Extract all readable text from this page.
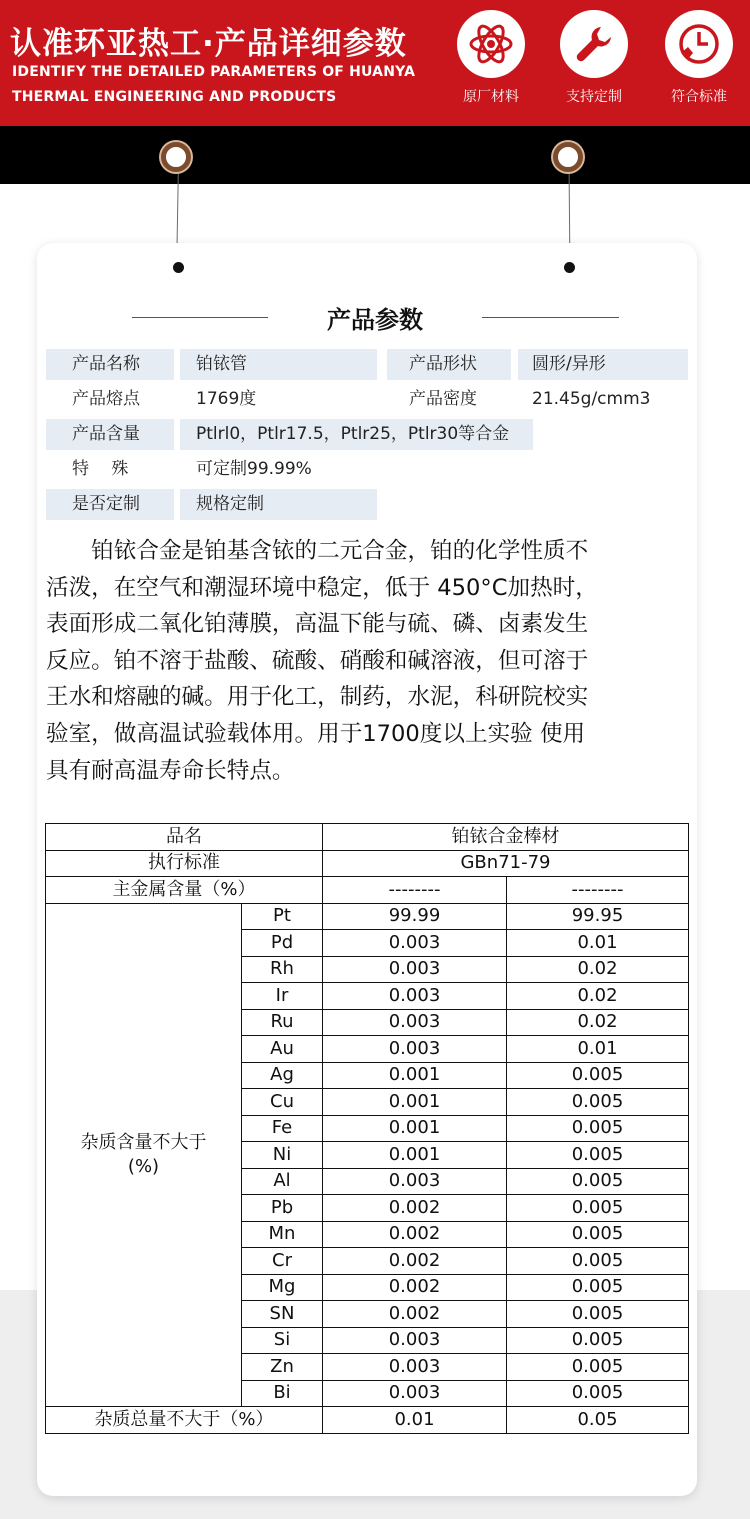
认准环亚热工·产品详细参数
IDENTIFY THE DETAILED PARAMETERS OF HUANYA
THERMAL ENGINEERING AND PRODUCTS	原厂材料	支持定制	符合标准
产品参数
产品名称	铂铱管	产品形状	圆形/异形
产品熔点	1769度	产品密度	21.45g/cmm3
产品含量	Ptlrl0，Ptlr17.5，Ptlr25，Ptlr30等合金
特　 殊	可定制99.99%
是否定制	规格定制
　　铂铱合金是铂基含铱的二元合金，铂的化学性质不
活泼，在空气和潮湿环境中稳定，低于 450°C加热时，
表面形成二氧化铂薄膜，高温下能与硫、磷、卤素发生
反应。铂不溶于盐酸、硫酸、硝酸和碱溶液，但可溶于
王水和熔融的碱。用于化工，制药，水泥，科研院校实
验室，做高温试验载体用。用于1700度以上实验 使用
具有耐高温寿命长特点。
品名		铂铱合金棒材	
执行标准		GBn71-79	
主金属含量（%）		--------	--------

杂质含量不大于
(%)	Pt	99.99	99.95
	Pd	0.003	0.01
	Rh	0.003	0.02
	Ir	0.003	0.02
	Ru	0.003	0.02
	Au	0.003	0.01
	Ag	0.001	0.005
	Cu	0.001	0.005
	Fe	0.001	0.005
	Ni	0.001	0.005
	Al	0.003	0.005
	Pb	0.002	0.005
	Mn	0.002	0.005
	Cr	0.002	0.005
	Mg	0.002	0.005
	SN	0.002	0.005
	Si	0.003	0.005
	Zn	0.003	0.005
	Bi	0.003	0.005
杂质总量不大于（%）		0.01	0.05
